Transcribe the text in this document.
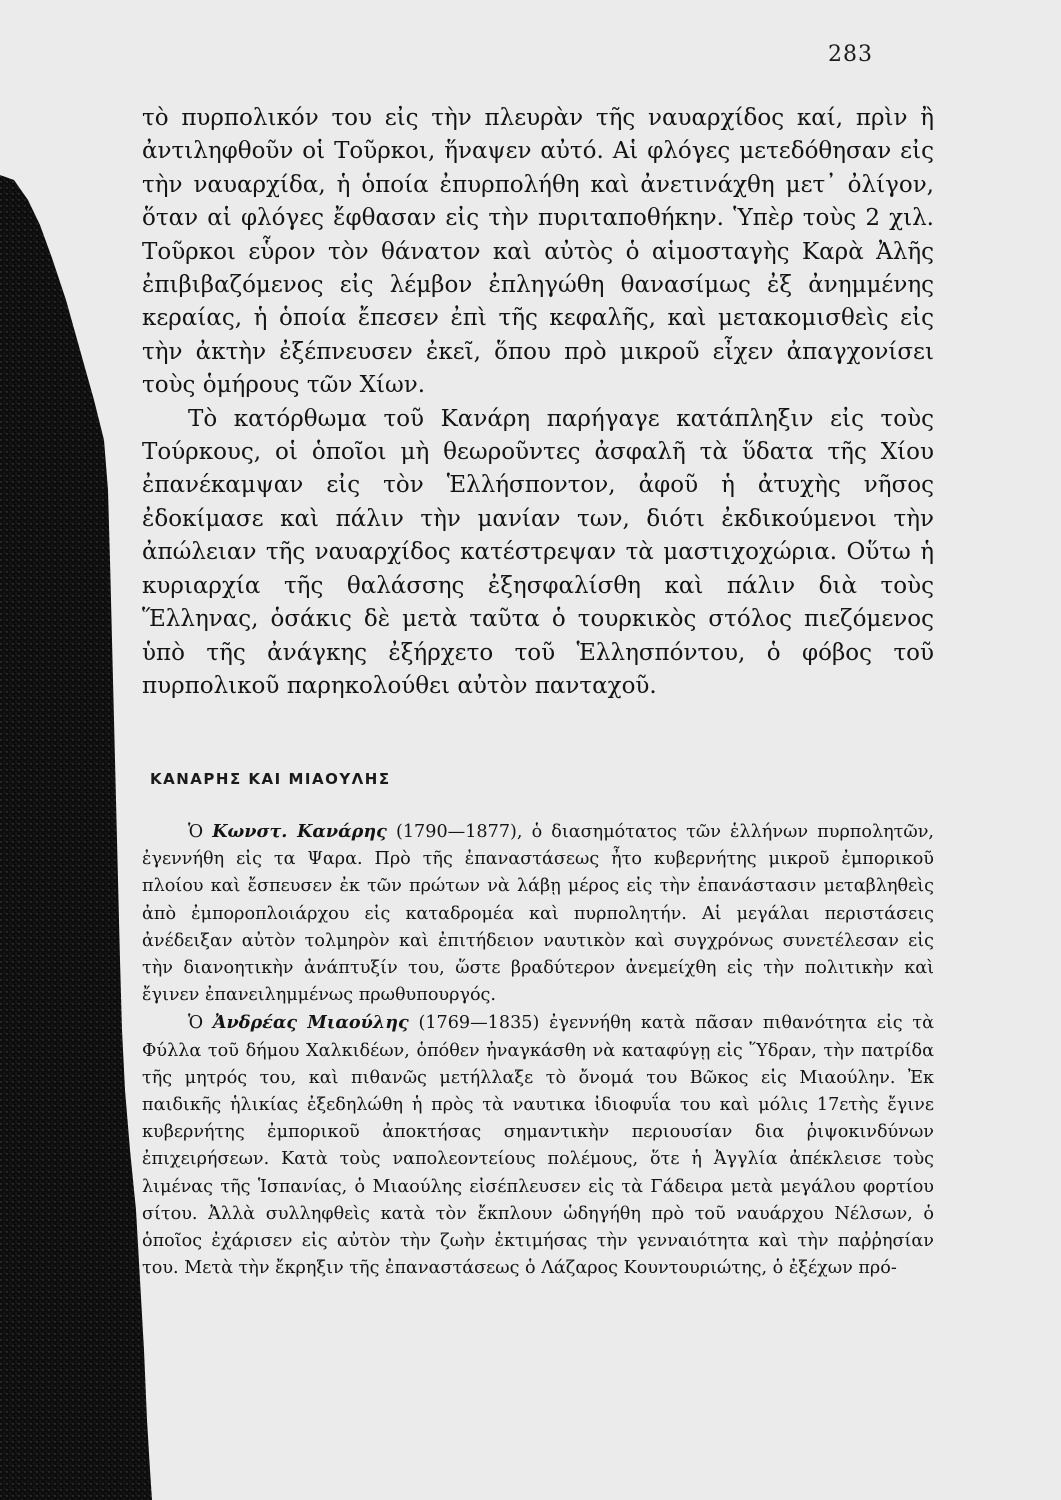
283

τὸ πυρπολικόν του εἰς τὴν πλευρὰν τῆς ναυαρχίδος καί, πρὶν ἢ ἀντιληφθοῦν οἱ Τοῦρκοι, ἥναψεν αὐτό. Αἱ φλόγες μετεδόθησαν εἰς τὴν ναυαρχίδα, ἡ ὁποία ἐπυρπολήθη καὶ ἀνετινάχθη μετ᾽ ὀλίγον, ὅταν αἱ φλόγες ἔφθασαν εἰς τὴν πυριταποθήκην. Ὑπὲρ τοὺς 2 χιλ. Τοῦρκοι εὗρον τὸν θάνατον καὶ αὐτὸς ὁ αἱμοσταγὴς Καρὰ Ἀλῆς ἐπιβιβαζόμενος εἰς λέμβον ἐπληγώθη θανασίμως ἐξ ἀνημμένης κεραίας, ἡ ὁποία ἔπεσεν ἐπὶ τῆς κεφαλῆς, καὶ μετακομισθεὶς εἰς τὴν ἀκτὴν ἐξέπνευσεν ἐκεῖ, ὅπου πρὸ μικροῦ εἶχεν ἀπαγχονίσει τοὺς ὁμήρους τῶν Χίων.

Τὸ κατόρθωμα τοῦ Κανάρη παρήγαγε κατάπληξιν εἰς τοὺς Τούρκους, οἱ ὁποῖοι μὴ θεωροῦντες ἀσφαλῆ τὰ ὕδατα τῆς Χίου ἐπανέκαμψαν εἰς τὸν Ἑλλήσποντον, ἀφοῦ ἡ ἀτυχὴς νῆσος ἐδοκίμασε καὶ πάλιν τὴν μανίαν των, διότι ἐκδικούμενοι τὴν ἀπώλειαν τῆς ναυαρχίδος κατέστρεψαν τὰ μαστιχοχώρια. Οὕτω ἡ κυριαρχία τῆς θαλάσσης ἐξησφαλίσθη καὶ πάλιν διὰ τοὺς Ἕλληνας, ὁσάκις δὲ μετὰ ταῦτα ὁ τουρκικὸς στόλος πιεζόμενος ὑπὸ τῆς ἀνάγκης ἐξήρχετο τοῦ Ἑλλησπόντου, ὁ φόβος τοῦ πυρπολικοῦ παρηκολούθει αὐτὸν πανταχοῦ.

ΚΑΝΑΡΗΣ ΚΑΙ ΜΙΑΟΥΛΗΣ

Ὁ Κωνστ. Κανάρης (1790—1877), ὁ διασημότατος τῶν ἑλλήνων πυρπολητῶν, ἐγεννήθη εἰς τα Ψαρα. Πρὸ τῆς ἐπαναστάσεως ἦτο κυβερνήτης μικροῦ ἐμπορικοῦ πλοίου καὶ ἔσπευσεν ἐκ τῶν πρώτων νὰ λάβῃ μέρος εἰς τὴν ἐπανάστασιν μεταβληθεὶς ἀπὸ ἐμποροπλοιάρχου εἰς καταδρομέα καὶ πυρπολητήν. Αἱ μεγάλαι περιστάσεις ἀνέδειξαν αὐτὸν τολμηρὸν καὶ ἐπιτήδειον ναυτικὸν καὶ συγχρόνως συνετέλεσαν εἰς τὴν διανοητικὴν ἀνάπτυξίν του, ὥστε βραδύτερον ἀνεμείχθη εἰς τὴν πολιτικὴν καὶ ἔγινεν ἐπανειλημμένως πρωθυπουργός.

Ὁ Ἀνδρέας Μιαούλης (1769—1835) ἐγεννήθη κατὰ πᾶσαν πιθανότητα εἰς τὰ Φύλλα τοῦ δήμου Χαλκιδέων, ὁπόθεν ἠναγκάσθη νὰ καταφύγῃ εἰς Ὕδραν, τὴν πατρίδα τῆς μητρός του, καὶ πιθανῶς μετήλλαξε τὸ ὄνομά του Βῶκος εἰς Μιαούλην. Ἐκ παιδικῆς ἡλικίας ἐξεδηλώθη ἡ πρὸς τὰ ναυτικα ἰδιοφυΐα του καὶ μόλις 17ετὴς ἔγινε κυβερνήτης ἐμπορικοῦ ἀποκτήσας σημαντικὴν περιουσίαν δια ῥιψοκινδύνων ἐπιχειρήσεων. Κατὰ τοὺς ναπολεοντείους πολέμους, ὅτε ἡ Ἀγγλία ἀπέκλεισε τοὺς λιμένας τῆς Ἱσπανίας, ὁ Μιαούλης εἰσέπλευσεν εἰς τὰ Γάδειρα μετὰ μεγάλου φορτίου σίτου. Ἀλλὰ συλληφθεὶς κατὰ τὸν ἔκπλουν ὡδηγήθη πρὸ τοῦ ναυάρχου Νέλσων, ὁ ὁποῖος ἐχάρισεν εἰς αὐτὸν τὴν ζωὴν ἐκτιμήσας τὴν γενναιότητα καὶ τὴν παῤῥησίαν του. Μετὰ τὴν ἔκρηξιν τῆς ἐπαναστάσεως ὁ Λάζαρος Κουντουριώτης, ὁ ἐξέχων πρό-
